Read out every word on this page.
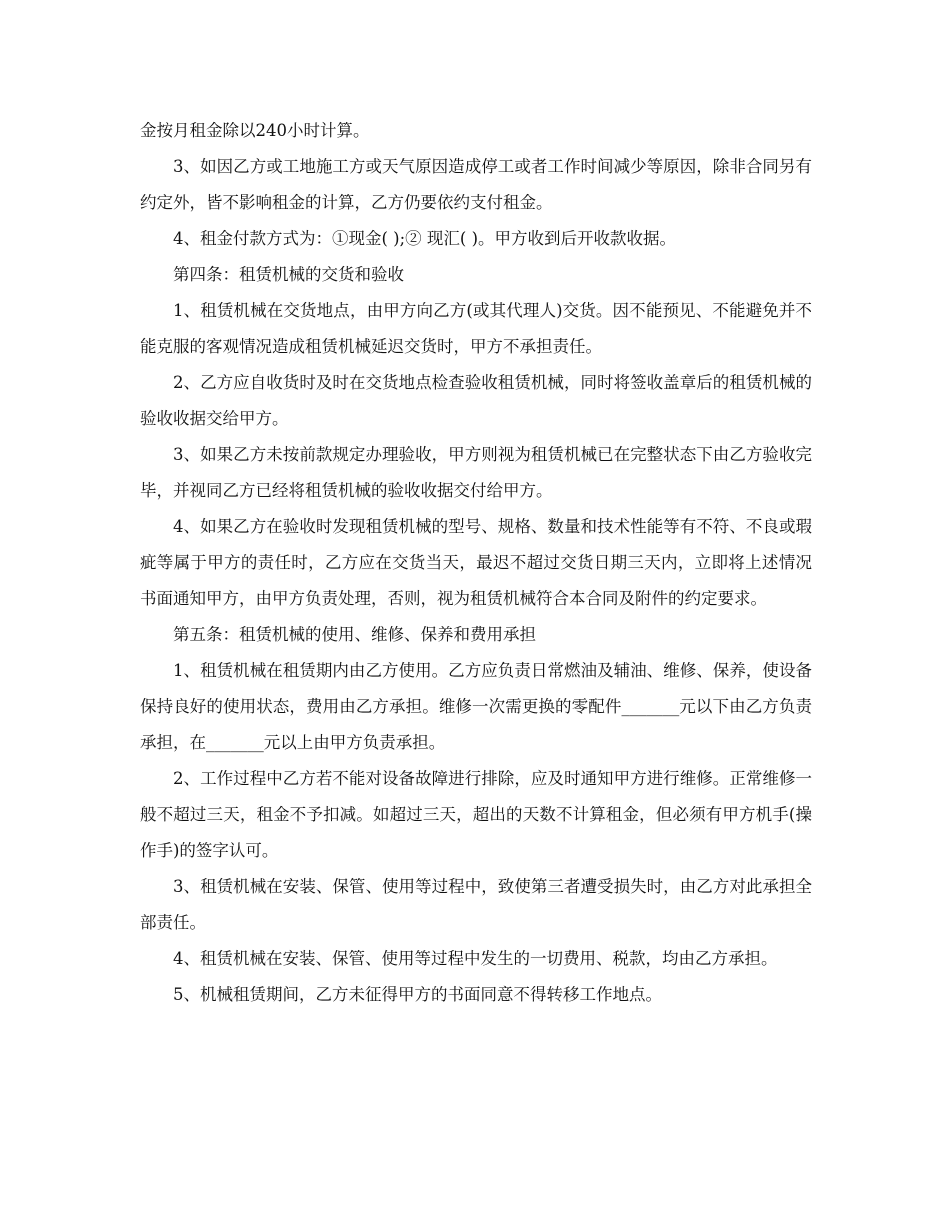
金按月租金除以240小时计算。

3、如因乙方或工地施工方或天气原因造成停工或者工作时间减少等原因，除非合同另有约定外，皆不影响租金的计算，乙方仍要依约支付租金。

4、租金付款方式为：①现金( );② 现汇( )。甲方收到后开收款收据。

第四条：租赁机械的交货和验收

1、租赁机械在交货地点，由甲方向乙方(或其代理人)交货。因不能预见、不能避免并不能克服的客观情况造成租赁机械延迟交货时，甲方不承担责任。

2、乙方应自收货时及时在交货地点检查验收租赁机械，同时将签收盖章后的租赁机械的验收收据交给甲方。

3、如果乙方未按前款规定办理验收，甲方则视为租赁机械已在完整状态下由乙方验收完毕，并视同乙方已经将租赁机械的验收收据交付给甲方。

4、如果乙方在验收时发现租赁机械的型号、规格、数量和技术性能等有不符、不良或瑕疵等属于甲方的责任时，乙方应在交货当天，最迟不超过交货日期三天内，立即将上述情况书面通知甲方，由甲方负责处理，否则，视为租赁机械符合本合同及附件的约定要求。

第五条：租赁机械的使用、维修、保养和费用承担

1、租赁机械在租赁期内由乙方使用。乙方应负责日常燃油及辅油、维修、保养，使设备保持良好的使用状态，费用由乙方承担。维修一次需更换的零配件_______元以下由乙方负责承担，在_______元以上由甲方负责承担。

2、工作过程中乙方若不能对设备故障进行排除，应及时通知甲方进行维修。正常维修一般不超过三天，租金不予扣减。如超过三天，超出的天数不计算租金，但必须有甲方机手(操作手)的签字认可。

3、租赁机械在安装、保管、使用等过程中，致使第三者遭受损失时，由乙方对此承担全部责任。

4、租赁机械在安装、保管、使用等过程中发生的一切费用、税款，均由乙方承担。

5、机械租赁期间，乙方未征得甲方的书面同意不得转移工作地点。
